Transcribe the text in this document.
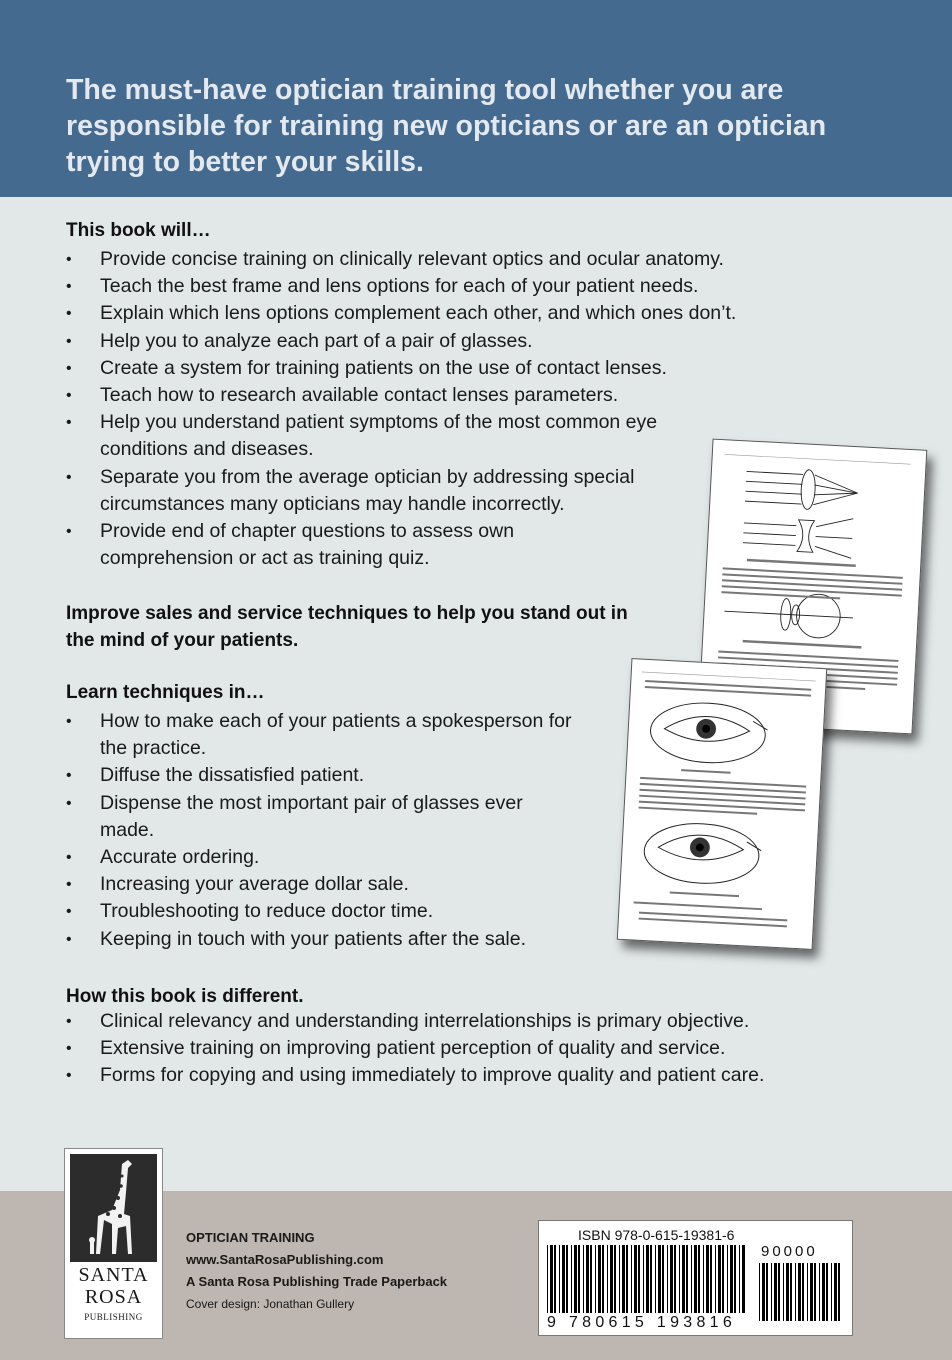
The must-have optician training tool whether you are responsible for training new opticians or are an optician trying to better your skills.
This book will…
• Provide concise training on clinically relevant optics and ocular anatomy.
• Teach the best frame and lens options for each of your patient needs.
• Explain which lens options complement each other, and which ones don’t.
• Help you to analyze each part of a pair of glasses.
• Create a system for training patients on the use of contact lenses.
• Teach how to research available contact lenses parameters.
• Help you understand patient symptoms of the most common eye conditions and diseases.
• Separate you from the average optician by addressing special circumstances many opticians may handle incorrectly.
• Provide end of chapter questions to assess own comprehension or act as training quiz.
Improve sales and service techniques to help you stand out in the mind of your patients.
Learn techniques in…
• How to make each of your patients a spokesperson for the practice.
• Diffuse the dissatisfied patient.
• Dispense the most important pair of glasses ever made.
• Accurate ordering.
• Increasing your average dollar sale.
• Troubleshooting to reduce doctor time.
• Keeping in touch with your patients after the sale.
How this book is different.
• Clinical relevancy and understanding interrelationships is primary objective.
• Extensive training on improving patient perception of quality and service.
• Forms for copying and using immediately to improve quality and patient care.
SANTA
ROSA
PUBLISHING
OPTICIAN TRAINING
www.SantaRosaPublishing.com
A Santa Rosa Publishing Trade Paperback
Cover design: Jonathan Gullery
ISBN 978-0-615-19381-6
90000
9 780615 193816
